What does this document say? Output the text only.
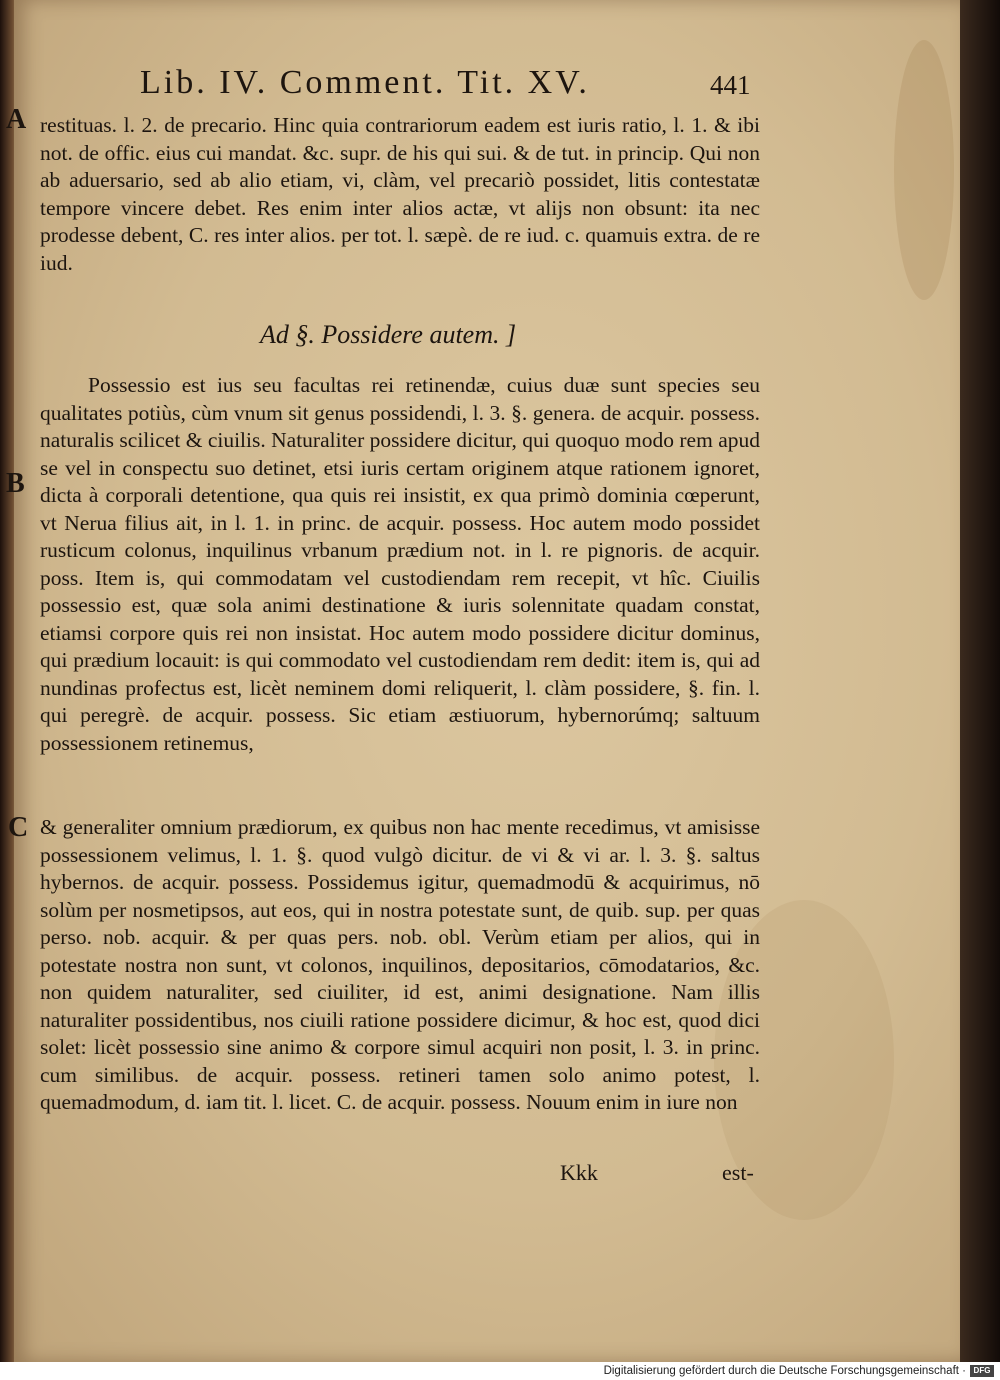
Lib. IV. Comment. Tit. XV.	441
A restituas. l. 2. de precario. Hinc quia contrariorum eadem est iuris ratio, l. 1. & ibi not. de offic. eius cui mandat. &c. supr. de his qui sui. & de tut. in princip. Qui non ab aduersario, sed ab alio etiam, vi, clàm, vel precariò possidet, litis contestatæ tempore vincere debet. Res enim inter alios actæ, vt alijs non obsunt: ita nec prodesse debent, C. res inter alios. per tot. l. sæpè. de re iud. c. quamuis extra. de re iud.

Ad §. Possidere autem. ]
B

Possessio est ius seu facultas rei retinendæ, cuius duæ sunt species seu qualitates potiùs, cùm vnum sit genus possidendi, l. 3. §. genera. de acquir. possess. naturalis scilicet & ciuilis. Naturaliter possidere dicitur, qui quoquo modo rem apud se vel in conspectu suo detinet, etsi iuris certam originem atque rationem ignoret, dicta à corporali detentione, qua quis rei insistit, ex qua primò dominia cœperunt, vt Nerua filius ait, in l. 1. in princ. de acquir. possess. Hoc autem modo possidet rusticum colonus, inquilinus vrbanum prædium not. in l. re pignoris. de acquir. poss. Item is, qui commodatam vel custodiendam rem recepit, vt hîc. Ciuilis possessio est, quæ sola animi destinatione & iuris solennitate quadam constat, etiamsi corpore quis rei non insistat. Hoc autem modo possidere dicitur dominus, qui prædium locauit: is qui commodato vel custodiendam rem dedit: item is, qui ad nundinas profectus est, licèt neminem domi reliquerit, l. clàm possidere, §. fin. l. qui peregrè. de acquir. possess. Sic etiam æstiuorum, hybernorúmq; saltuum possessionem retinemus,

C & generaliter omnium prædiorum, ex quibus non hac mente recedimus, vt amisisse possessionem velimus, l. 1. §. quod vulgò dicitur. de vi & vi ar. l. 3. §. saltus hybernos. de acquir. possess. Possidemus igitur, quemadmodū & acquirimus, nō solùm per nosmetipsos, aut eos, qui in nostra potestate sunt, de quib. sup. per quas perso. nob. acquir. & per quas pers. nob. obl. Verùm etiam per alios, qui in potestate nostra non sunt, vt colonos, inquilinos, depositarios, cōmodatarios, &c. non quidem naturaliter, sed ciuiliter, id est, animi designatione. Nam illis naturaliter possidentibus, nos ciuili ratione possidere dicimur, & hoc est, quod dici solet: licèt possessio sine animo & corpore simul acquiri non posit, l. 3. in princ. cum similibus. de acquir. possess. retineri tamen solo animo potest, l. quemadmodum, d. iam tit. l. licet. C. de acquir. possess. Nouum enim in iure non

Kkk	est-
Digitalisierung gefördert durch die Deutsche Forschungsgemeinschaft · DFG
